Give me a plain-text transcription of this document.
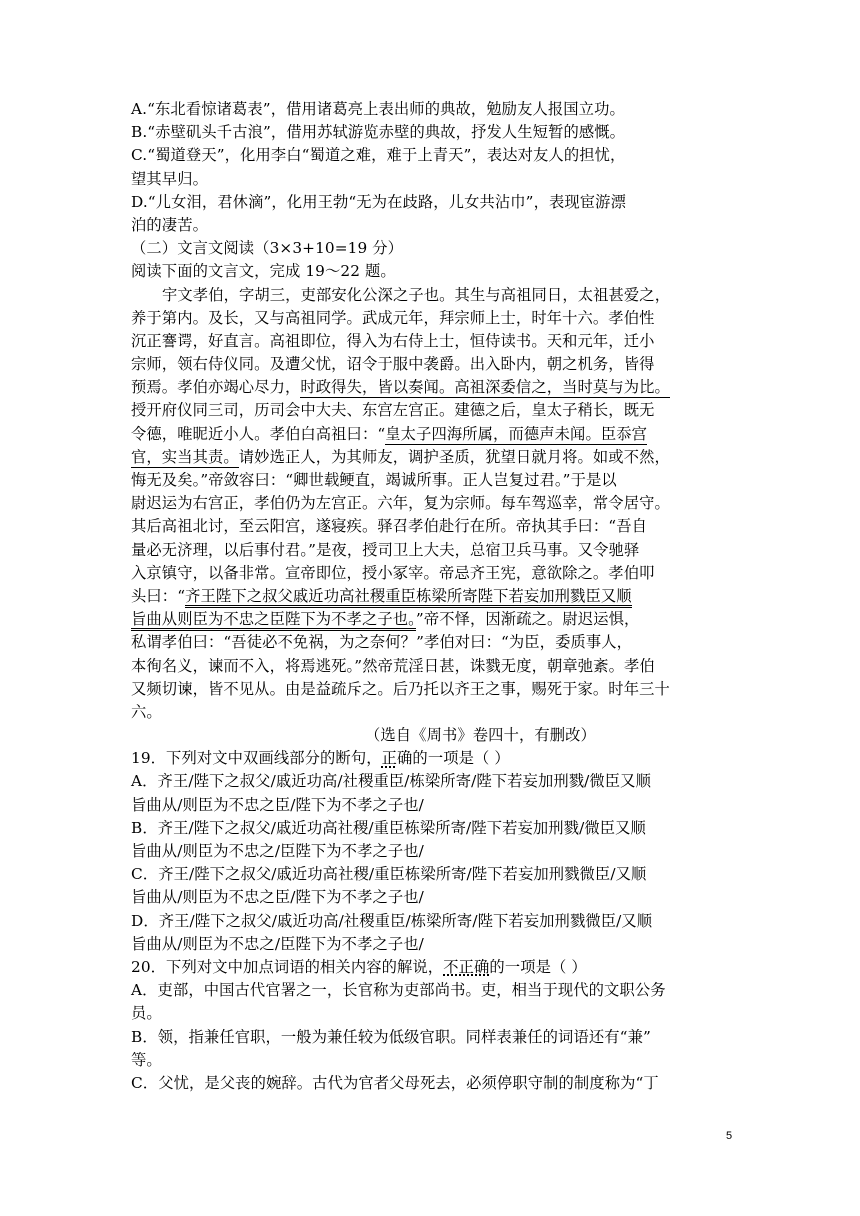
A.“东北看惊诸葛表”，借用诸葛亮上表出师的典故，勉励友人报国立功。
B.“赤壁矶头千古浪”，借用苏轼游览赤壁的典故，抒发人生短暂的感慨。
C.“蜀道登天”，化用李白“蜀道之难，难于上青天”，表达对友人的担忧，
望其早归。
D.“儿女泪，君休滴”，化用王勃“无为在歧路，儿女共沾巾”，表现宦游漂
泊的凄苦。
（二）文言文阅读（3×3+10=19 分）
阅读下面的文言文，完成 19～22 题。
宇文孝伯，字胡三，吏部安化公深之子也。其生与高祖同日，太祖甚爱之，
养于第内。及长，又与高祖同学。武成元年，拜宗师上士，时年十六。孝伯性
沉正謇谔，好直言。高祖即位，得入为右侍上士，恒侍读书。天和元年，迁小
宗师，领右侍仪同。及遭父忧，诏令于服中袭爵。出入卧内，朝之机务，皆得
预焉。孝伯亦竭心尽力，时政得失，皆以奏闻。高祖深委信之，当时莫与为比。
授开府仪同三司，历司会中大夫、东宫左宫正。建德之后，皇太子稍长，既无
令德，唯昵近小人。孝伯白高祖曰：“皇太子四海所属，而德声未闻。臣忝宫
官，实当其责。请妙选正人，为其师友，调护圣质，犹望日就月将。如或不然，
悔无及矣。”帝敛容曰：“卿世载鲠直，竭诚所事。正人岂复过君。”于是以
尉迟运为右宫正，孝伯仍为左宫正。六年，复为宗师。每车驾巡幸，常令居守。
其后高祖北讨，至云阳宫，遂寝疾。驿召孝伯赴行在所。帝执其手曰：“吾自
量必无济理，以后事付君。”是夜，授司卫上大夫，总宿卫兵马事。又令驰驿
入京镇守，以备非常。宣帝即位，授小冢宰。帝忌齐王宪，意欲除之。孝伯叩
头曰：“齐王陛下之叔父戚近功高社稷重臣栋梁所寄陛下若妄加刑戮臣又顺
旨曲从则臣为不忠之臣陛下为不孝之子也。”帝不怿，因渐疏之。尉迟运惧，
私谓孝伯曰：“吾徒必不免祸，为之奈何？”孝伯对曰：“为臣，委质事人，
本徇名义，谏而不入，将焉逃死。”然帝荒淫日甚，诛戮无度，朝章弛紊。孝伯
又频切谏，皆不见从。由是益疏斥之。后乃托以齐王之事，赐死于家。时年三十
六。
（选自《周书》卷四十，有删改）
19．下列对文中双画线部分的断句，正确的一项是（ ）
A．齐王/陛下之叔父/戚近功高/社稷重臣/栋梁所寄/陛下若妄加刑戮/微臣又顺
旨曲从/则臣为不忠之臣/陛下为不孝之子也/
B．齐王/陛下之叔父/戚近功高社稷/重臣栋梁所寄/陛下若妄加刑戮/微臣又顺
旨曲从/则臣为不忠之/臣陛下为不孝之子也/
C．齐王/陛下之叔父/戚近功高社稷/重臣栋梁所寄/陛下若妄加刑戮微臣/又顺
旨曲从/则臣为不忠之臣/陛下为不孝之子也/
D．齐王/陛下之叔父/戚近功高/社稷重臣/栋梁所寄/陛下若妄加刑戮微臣/又顺
旨曲从/则臣为不忠之/臣陛下为不孝之子也/
20．下列对文中加点词语的相关内容的解说，不正确的一项是（ ）
A．吏部，中国古代官署之一，长官称为吏部尚书。吏，相当于现代的文职公务
员。
B．领，指兼任官职，一般为兼任较为低级官职。同样表兼任的词语还有“兼”
等。
C．父忧，是父丧的婉辞。古代为官者父母死去，必须停职守制的制度称为“丁
5
